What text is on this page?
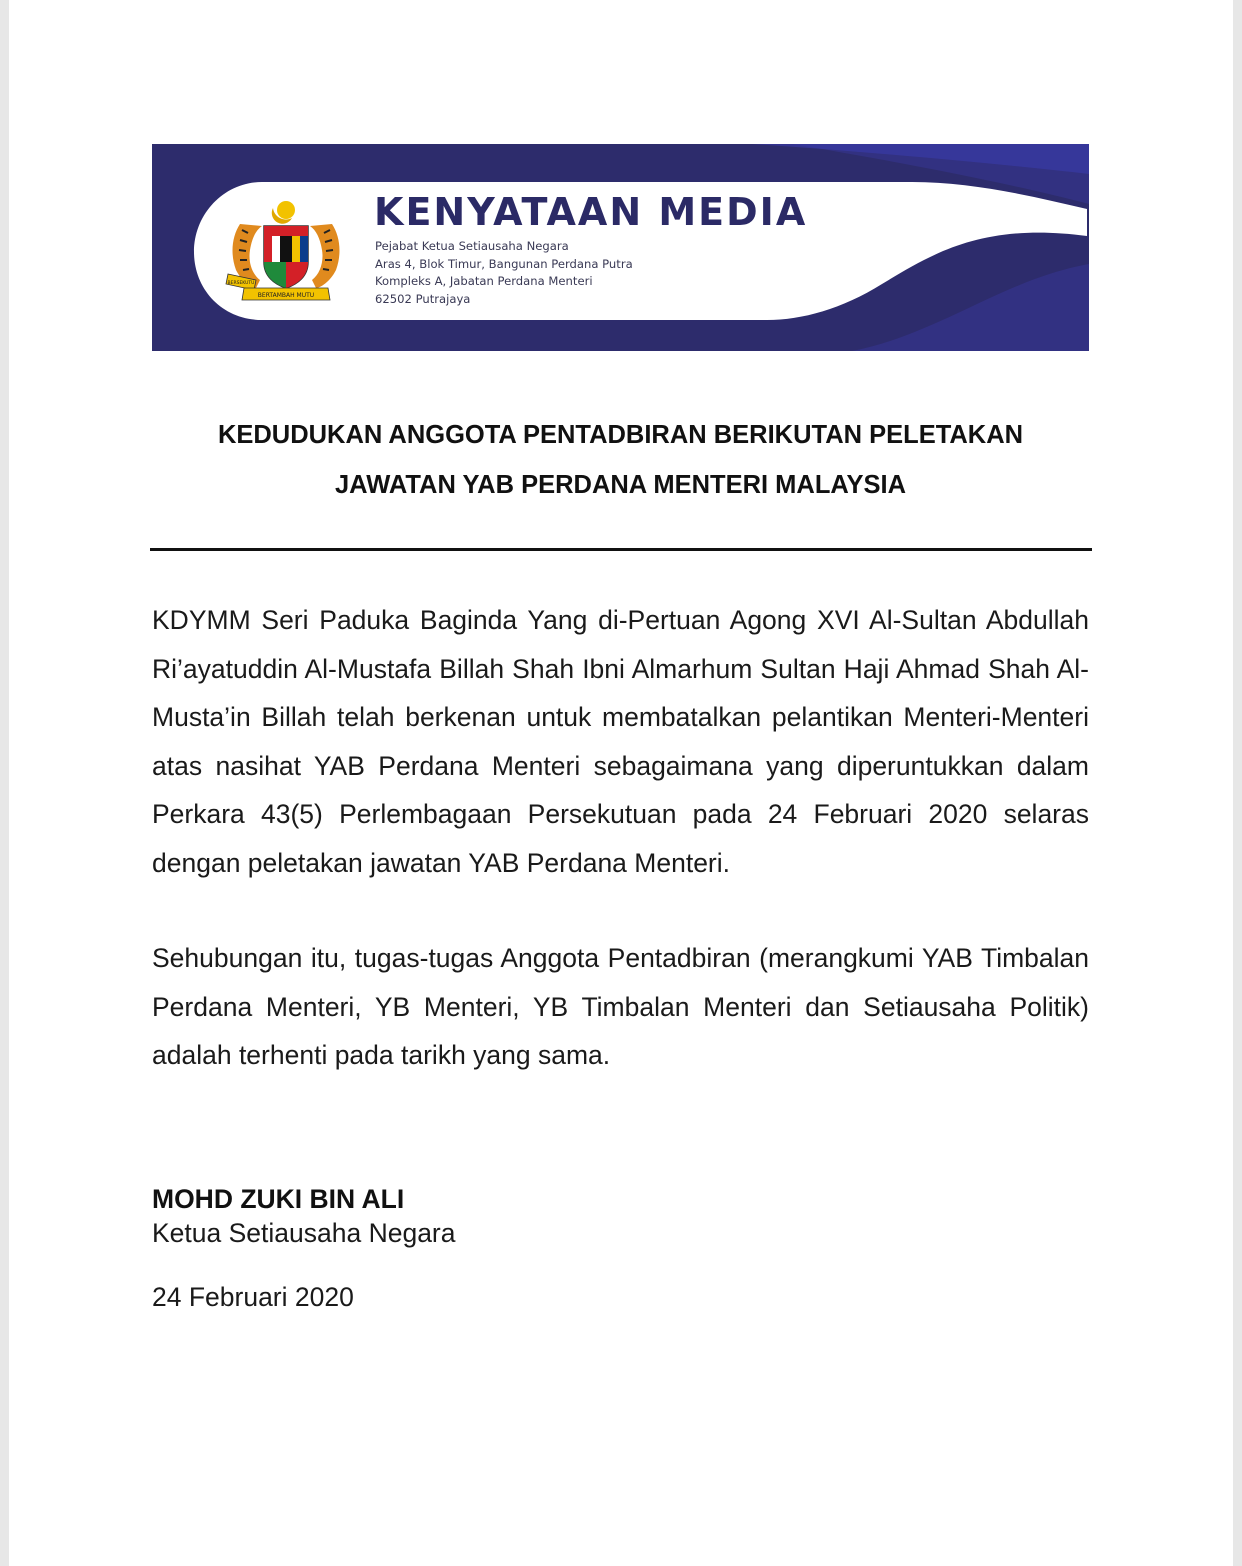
BERTAMBAH MUTU
BERSEKUTU
KENYATAAN MEDIA
Pejabat Ketua Setiausaha Negara
Aras 4, Blok Timur, Bangunan Perdana Putra
Kompleks A, Jabatan Perdana Menteri
62502 Putrajaya
KEDUDUKAN ANGGOTA PENTADBIRAN BERIKUTAN PELETAKAN
JAWATAN YAB PERDANA MENTERI MALAYSIA
KDYMM Seri Paduka Baginda Yang di-Pertuan Agong XVI Al-Sultan Abdullah Ri’ayatuddin Al-Mustafa Billah Shah Ibni Almarhum Sultan Haji Ahmad Shah Al-Musta’in Billah telah berkenan untuk membatalkan pelantikan Menteri-Menteri atas nasihat YAB Perdana Menteri sebagaimana yang diperuntukkan dalam Perkara 43(5) Perlembagaan Persekutuan pada 24 Februari 2020 selaras dengan peletakan jawatan YAB Perdana Menteri.
Sehubungan itu, tugas-tugas Anggota Pentadbiran (merangkumi YAB Timbalan Perdana Menteri, YB Menteri, YB Timbalan Menteri dan Setiausaha Politik) adalah terhenti pada tarikh yang sama.
MOHD ZUKI BIN ALI
Ketua Setiausaha Negara
24 Februari 2020
